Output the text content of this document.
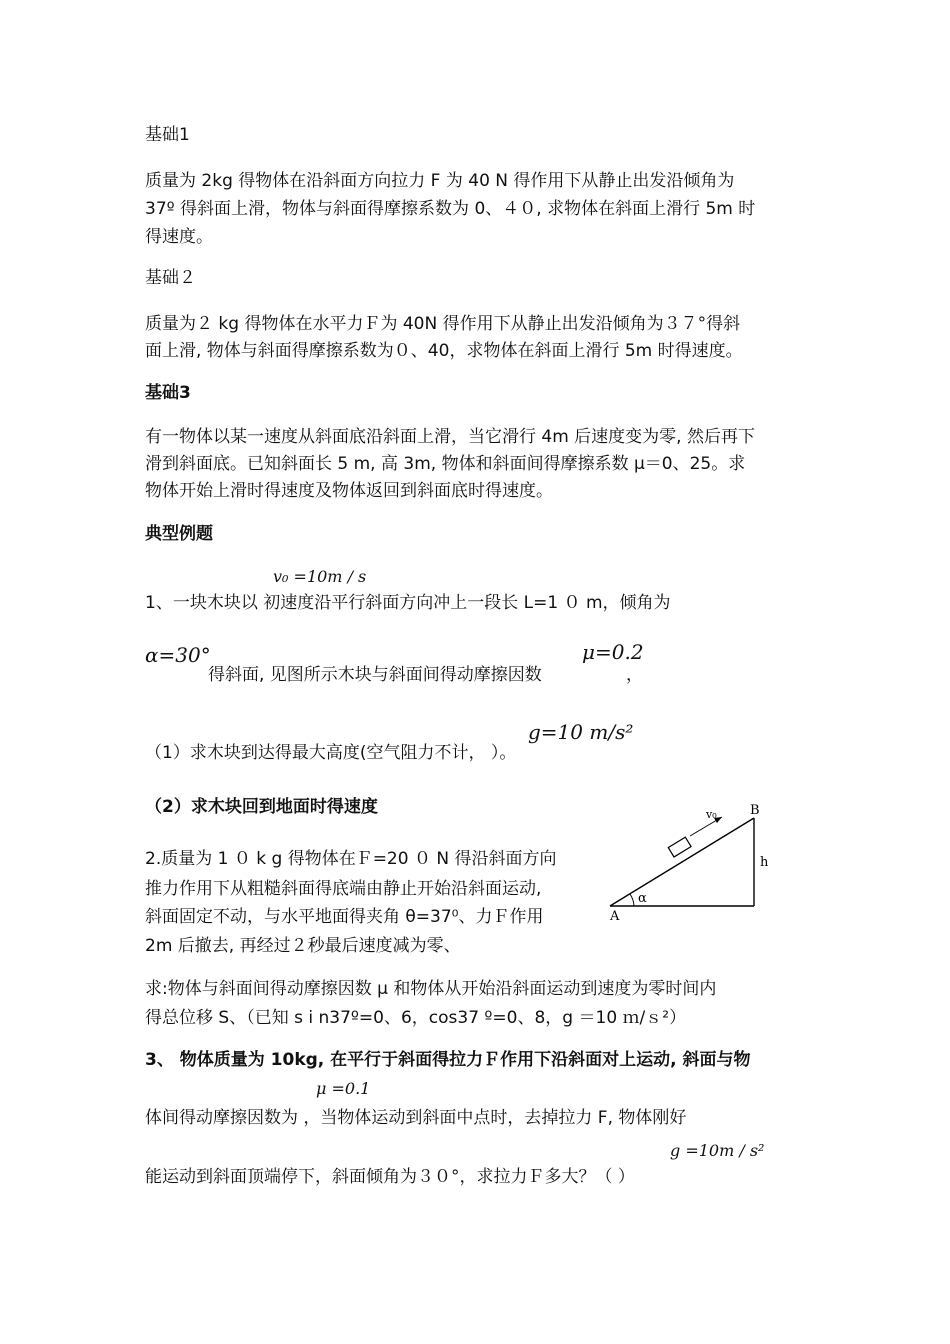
基础1
质量为 2kg 得物体在沿斜面方向拉力 F 为 40 N 得作用下从静止出发沿倾角为
37º 得斜面上滑，物体与斜面得摩擦系数为 0、４０, 求物体在斜面上滑行 5m 时
得速度。
基础２
质量为２ kg 得物体在水平力Ｆ为 40N 得作用下从静止出发沿倾角为３７°得斜
面上滑, 物体与斜面得摩擦系数为０、40，求物体在斜面上滑行 5m 时得速度。
基础3
有一物体以某一速度从斜面底沿斜面上滑，当它滑行 4m 后速度变为零, 然后再下
滑到斜面底。已知斜面长 5 m, 高 3m, 物体和斜面间得摩擦系数 μ＝0、25。求
物体开始上滑时得速度及物体返回到斜面底时得速度。
典型例题
v₀ =10m / s
1、一块木块以 初速度沿平行斜面方向冲上一段长 L=1 ０ m，倾角为
α=30°
得斜面, 见图所示木块与斜面间得动摩擦因数
μ=0.2
，
g=10 m/s²
（1）求木块到达得最大高度(空气阻力不计， ）。
（2）求木块回到地面时得速度
2.质量为 1 ０ k g 得物体在Ｆ=20 ０ N 得沿斜面方向
推力作用下从粗糙斜面得底端由静止开始沿斜面运动,
斜面固定不动，与水平地面得夹角 θ=37⁰、力Ｆ作用
2m 后撤去, 再经过２秒最后速度减为零、
v₀	B
h
A
α
求:物体与斜面间得动摩擦因数 μ 和物体从开始沿斜面运动到速度为零时间内
得总位移 S、（已知 s i n37º=0、6，cos37 º=0、8，g ＝10 ｍ/ｓ²）
3、 物体质量为 10kg, 在平行于斜面得拉力Ｆ作用下沿斜面对上运动, 斜面与物
μ =0.1
体间得动摩擦因数为 ，当物体运动到斜面中点时，去掉拉力 F, 物体刚好
g =10m / s²
能运动到斜面顶端停下，斜面倾角为３０°，求拉力Ｆ多大？（ ）
